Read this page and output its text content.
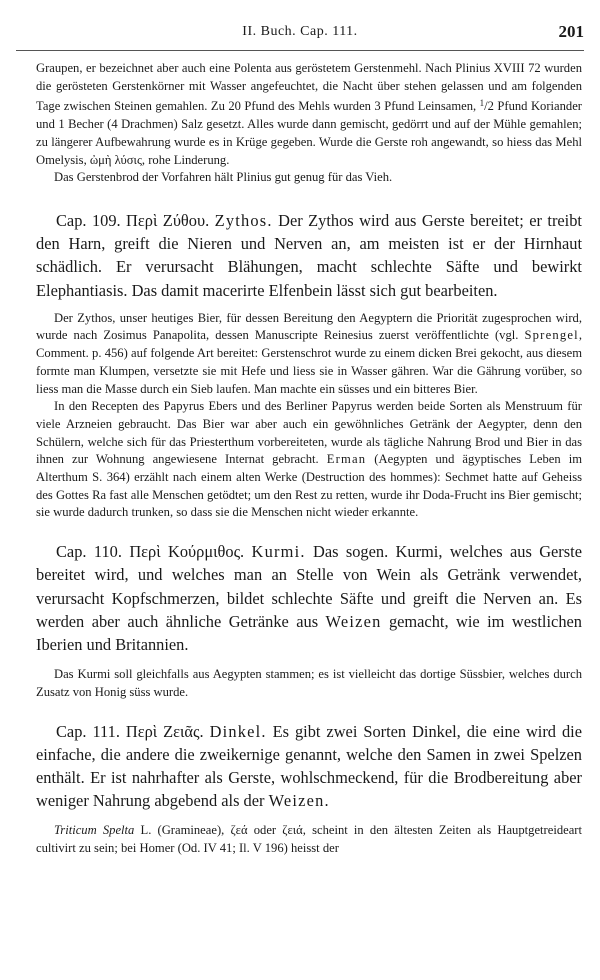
II. Buch. Cap. 111.	201

Graupen, er bezeichnet aber auch eine Polenta aus geröstetem Gerstenmehl. Nach Plinius XVIII 72 wurden die gerösteten Gerstenkörner mit Wasser angefeuchtet, die Nacht über stehen gelassen und am folgenden Tage zwischen Steinen gemahlen. Zu 20 Pfund des Mehls wurden 3 Pfund Leinsamen, $^1$/2 Pfund Koriander und 1 Becher (4 Drachmen) Salz gesetzt. Alles wurde dann gemischt, gedörrt und auf der Mühle gemahlen; zu längerer Aufbewahrung wurde es in Krüge gegeben. Wurde die Gerste roh angewandt, so hiess das Mehl Omelysis, ὠμὴ λύσις, rohe Linderung.

Das Gerstenbrod der Vorfahren hält Plinius gut genug für das Vieh.

Cap. 109. Περὶ Ζύθου. Zythos. Der Zythos wird aus Gerste bereitet; er treibt den Harn, greift die Nieren und Nerven an, am meisten ist er der Hirnhaut schädlich. Er verursacht Blähungen, macht schlechte Säfte und bewirkt Elephantiasis. Das damit macerirte Elfenbein lässt sich gut bearbeiten.

Der Zythos, unser heutiges Bier, für dessen Bereitung den Aegyptern die Priorität zugesprochen wird, wurde nach Zosimus Panapolita, dessen Manuscripte Reinesius zuerst veröffentlichte (vgl. Sprengel, Comment. p. 456) auf folgende Art bereitet: Gerstenschrot wurde zu einem dicken Brei gekocht, aus diesem formte man Klumpen, versetzte sie mit Hefe und liess sie in Wasser gähren. War die Gährung vorüber, so liess man die Masse durch ein Sieb laufen. Man machte ein süsses und ein bitteres Bier.

In den Recepten des Papyrus Ebers und des Berliner Papyrus werden beide Sorten als Menstruum für viele Arzneien gebraucht. Das Bier war aber auch ein gewöhnliches Getränk der Aegypter, denn den Schülern, welche sich für das Priesterthum vorbereiteten, wurde als tägliche Nahrung Brod und Bier in das ihnen zur Wohnung angewiesene Internat gebracht. Erman (Aegypten und ägyptisches Leben im Alterthum S. 364) erzählt nach einem alten Werke (Destruction des hommes): Sechmet hatte auf Geheiss des Gottes Ra fast alle Menschen getödtet; um den Rest zu retten, wurde ihr Doda-Frucht ins Bier gemischt; sie wurde dadurch trunken, so dass sie die Menschen nicht wieder erkannte.

Cap. 110. Περὶ Κούρμιθος. Kurmi. Das sogen. Kurmi, welches aus Gerste bereitet wird, und welches man an Stelle von Wein als Getränk verwendet, verursacht Kopfschmerzen, bildet schlechte Säfte und greift die Nerven an. Es werden aber auch ähnliche Getränke aus Weizen gemacht, wie im westlichen Iberien und Britannien.

Das Kurmi soll gleichfalls aus Aegypten stammen; es ist vielleicht das dortige Süssbier, welches durch Zusatz von Honig süss wurde.

Cap. 111. Περὶ Ζειᾶς. Dinkel. Es gibt zwei Sorten Dinkel, die eine wird die einfache, die andere die zweikernige genannt, welche den Samen in zwei Spelzen enthält. Er ist nahrhafter als Gerste, wohlschmeckend, für die Brodbereitung aber weniger Nahrung abgebend als der Weizen.

Triticum Spelta L. (Gramineae), ζεά oder ζειά, scheint in den ältesten Zeiten als Hauptgetreideart cultivirt zu sein; bei Homer (Od. IV 41; Il. V 196) heisst der
